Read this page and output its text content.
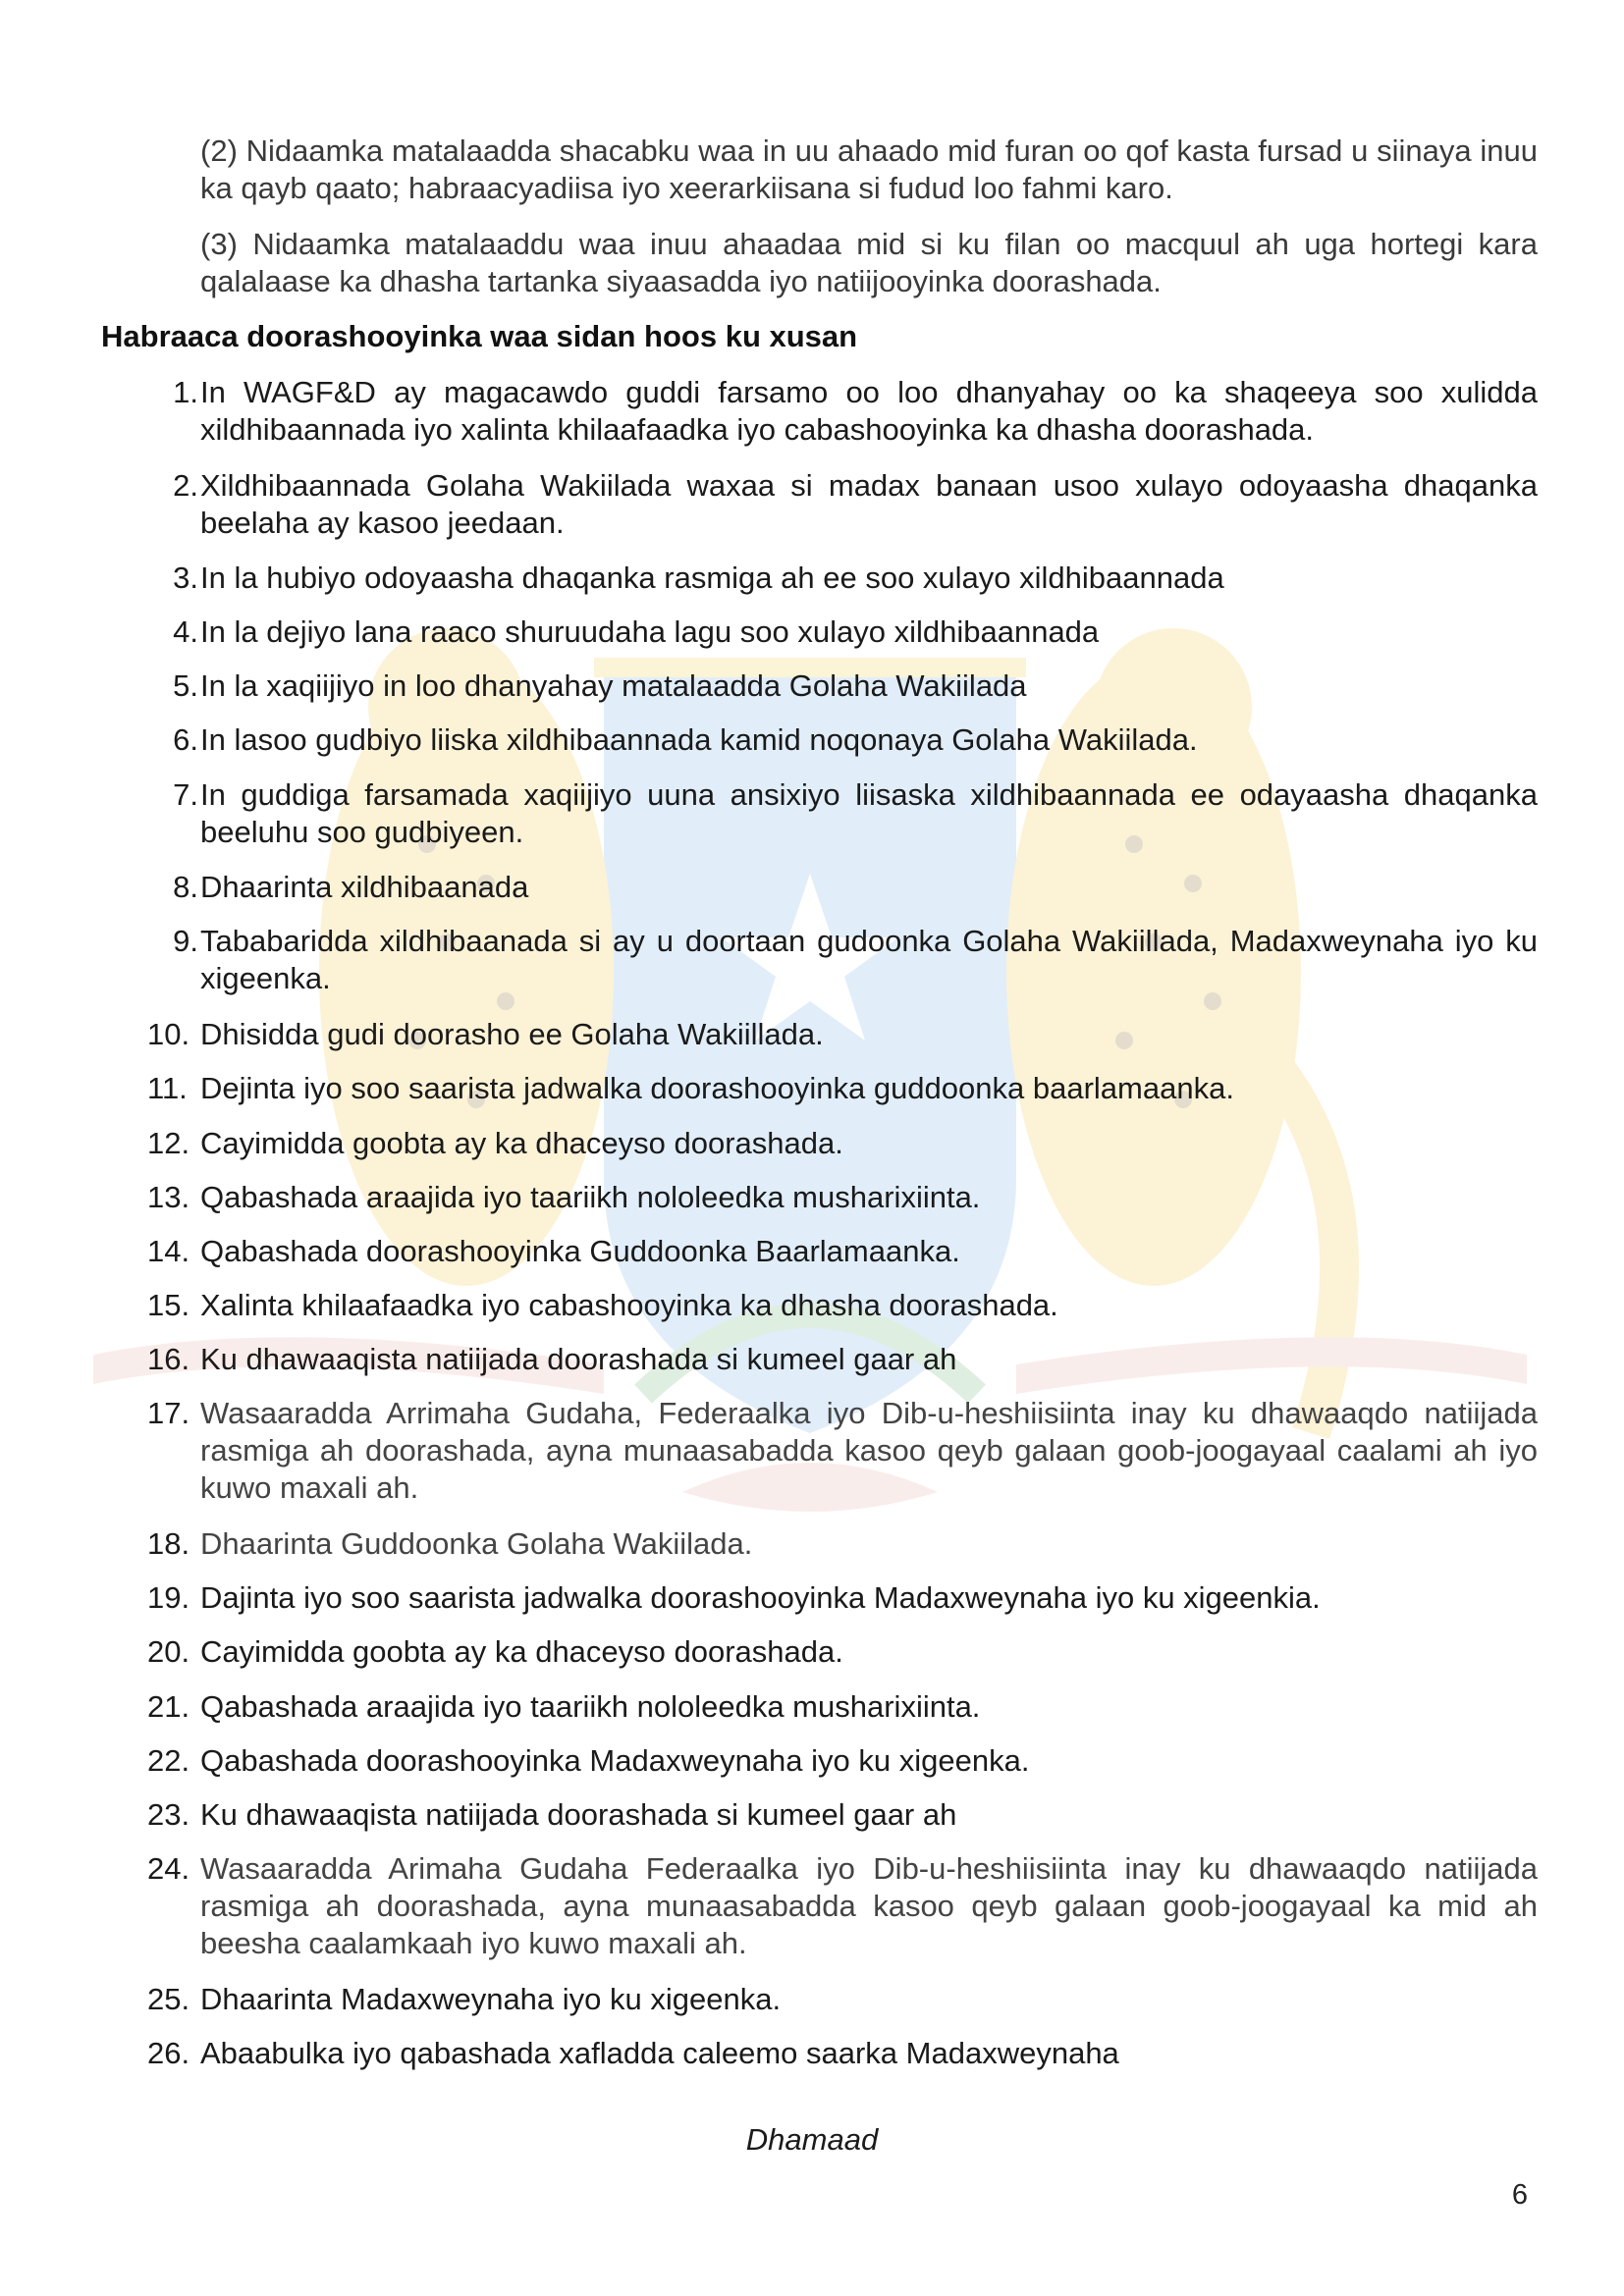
(2) Nidaamka matalaadda shacabku waa in uu ahaado mid furan oo qof kasta fursad u siinaya inuu ka qayb qaato; habraacyadiisa iyo xeerarkiisana si fudud loo fahmi karo.
(3) Nidaamka matalaaddu waa inuu ahaadaa mid si ku filan oo macquul ah uga hortegi kara qalalaase ka dhasha tartanka siyaasadda iyo natiijooyinka doorashada.
Habraaca doorashooyinka waa sidan hoos ku xusan
1. In WAGF&D ay magacawdo guddi farsamo oo loo dhanyahay oo ka shaqeeya soo xulidda xildhibaannada iyo xalinta khilaafaadka iyo cabashooyinka ka dhasha doorashada.
2. Xildhibaannada Golaha Wakiilada waxaa si madax banaan usoo xulayo odoyaasha dhaqanka beelaha ay kasoo jeedaan.
3. In la hubiyo odoyaasha dhaqanka rasmiga ah ee soo xulayo xildhibaannada
4. In la dejiyo lana raaco shuruudaha lagu soo xulayo xildhibaannada
5. In la xaqiijiyo in loo dhanyahay matalaadda Golaha Wakiilada
6. In lasoo gudbiyo liiska xildhibaannada kamid noqonaya Golaha Wakiilada.
7. In guddiga farsamada xaqiijiyo uuna ansixiyo liisaska xildhibaannada ee odayaasha dhaqanka beeluhu soo gudbiyeen.
8. Dhaarinta xildhibaanada
9. Tababaridda xildhibaanada si ay u doortaan gudoonka Golaha Wakiillada, Madaxweynaha iyo ku xigeenka.
10. Dhisidda gudi doorasho ee Golaha Wakiillada.
11. Dejinta iyo soo saarista jadwalka doorashooyinka guddoonka baarlamaanka.
12. Cayimidda goobta ay ka dhaceyso doorashada.
13. Qabashada araajida iyo taariikh nololeedka musharixiinta.
14. Qabashada doorashooyinka Guddoonka Baarlamaanka.
15. Xalinta khilaafaadka iyo cabashooyinka ka dhasha doorashada.
16. Ku dhawaaqista natiijada doorashada si kumeel gaar ah
17. Wasaaradda Arrimaha Gudaha, Federaalka iyo Dib-u-heshiisiinta inay ku dhawaaqdo natiijada rasmiga ah doorashada, ayna munaasabadda kasoo qeyb galaan goob-joogayaal caalami ah iyo kuwo maxali ah.
18. Dhaarinta Guddoonka Golaha Wakiilada.
19. Dajinta iyo soo saarista jadwalka doorashooyinka Madaxweynaha iyo ku xigeenkia.
20. Cayimidda goobta ay ka dhaceyso doorashada.
21. Qabashada araajida iyo taariikh nololeedka musharixiinta.
22. Qabashada doorashooyinka Madaxweynaha iyo ku xigeenka.
23. Ku dhawaaqista natiijada doorashada si kumeel gaar ah
24. Wasaaradda Arimaha Gudaha Federaalka iyo Dib-u-heshiisiinta inay ku dhawaaqdo natiijada rasmiga ah doorashada, ayna munaasabadda kasoo qeyb galaan goob-joogayaal ka mid ah beesha caalamkaah iyo kuwo maxali ah.
25. Dhaarinta Madaxweynaha iyo ku xigeenka.
26. Abaabulka iyo qabashada xafladda caleemo saarka Madaxweynaha
Dhamaad
6
